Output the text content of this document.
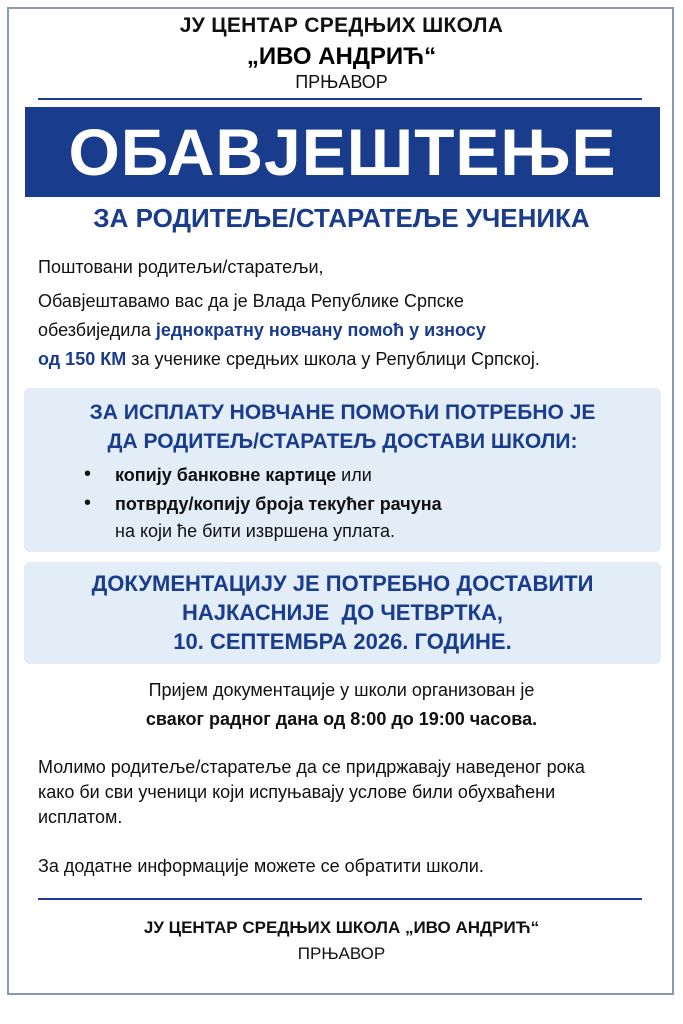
ЈУ ЦЕНТАР СРЕДЊИХ ШКОЛА
„ИВО АНДРИЋ“
ПРЊАВОР
ОБАВЈЕШТЕЊЕ
ЗА РОДИТЕЉЕ/СТАРАТЕЉЕ УЧЕНИКА
Поштовани родитељи/старатељи,
Обавјештавамо вас да је Влада Републике Српске
обезбиједила једнократну новчану помоћ у износу
од 150 КМ за ученике средњих школа у Републици Српској.
ЗА ИСПЛАТУ НОВЧАНЕ ПОМОЋИ ПОТРЕБНО ЈЕ
ДА РОДИТЕЉ/СТАРАТЕЉ ДОСТАВИ ШКОЛИ:
• копију банковне картице или
• потврду/копију броја текућег рачуна
на који ће бити извршена уплата.
ДОКУМЕНТАЦИЈУ ЈЕ ПОТРЕБНО ДОСТАВИТИ
НАЈКАСНИЈЕ  ДО ЧЕТВРТКА,
10. СЕПТЕМБРА 2026. ГОДИНЕ.
Пријем документације у школи организован је
сваког радног дана од 8:00 до 19:00 часова.
Молимо родитеље/старатеље да се придржавају наведеног рока
како би сви ученици који испуњавају услове били обухваћени
исплатом.
За додатне информације можете се обратити школи.
ЈУ ЦЕНТАР СРЕДЊИХ ШКОЛА „ИВО АНДРИЋ“
ПРЊАВОР
